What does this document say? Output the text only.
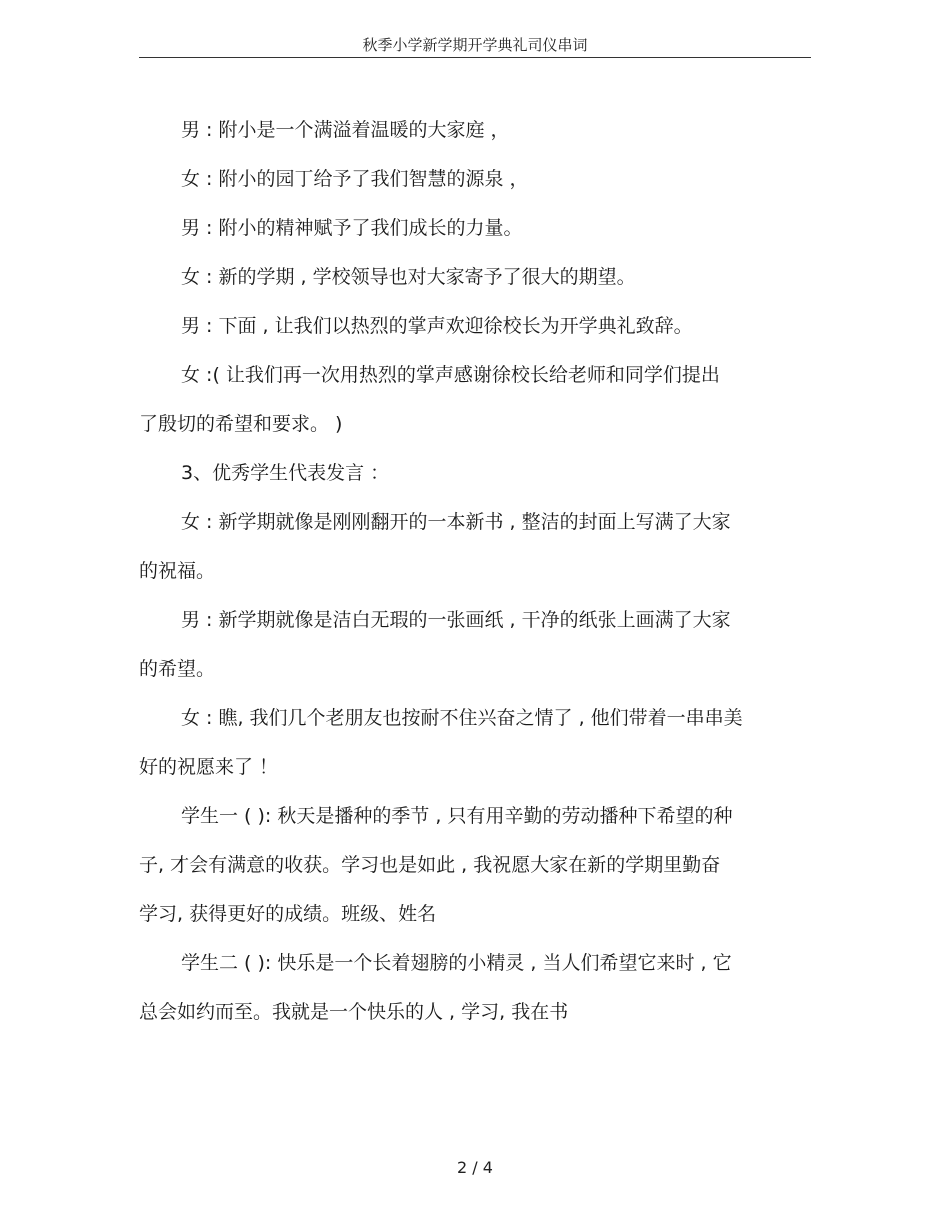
秋季小学新学期开学典礼司仪串词
男 : 附小是一个满溢着温暖的大家庭 ，
女 : 附小的园丁给予了我们智慧的源泉 ，
男 : 附小的精神赋予了我们成长的力量。
女 : 新的学期 , 学校领导也对大家寄予了很大的期望。
男 : 下面 , 让我们以热烈的掌声欢迎徐校长为开学典礼致辞。
女 :( 让我们再一次用热烈的掌声感谢徐校长给老师和同学们提出
了殷切的希望和要求。 )
3、优秀学生代表发言 ：
女 : 新学期就像是刚刚翻开的一本新书 , 整洁的封面上写满了大家
的祝福。
男 : 新学期就像是洁白无瑕的一张画纸 , 干净的纸张上画满了大家
的希望。
女 : 瞧, 我们几个老朋友也按耐不住兴奋之情了 , 他们带着一串串美
好的祝愿来了 ！
学生一 ( ): 秋天是播种的季节 , 只有用辛勤的劳动播种下希望的种
子, 才会有满意的收获。学习也是如此 , 我祝愿大家在新的学期里勤奋
学习, 获得更好的成绩。班级、姓名
学生二 ( ): 快乐是一个长着翅膀的小精灵 , 当人们希望它来时 , 它
总会如约而至。我就是一个快乐的人 , 学习, 我在书
2 / 4
